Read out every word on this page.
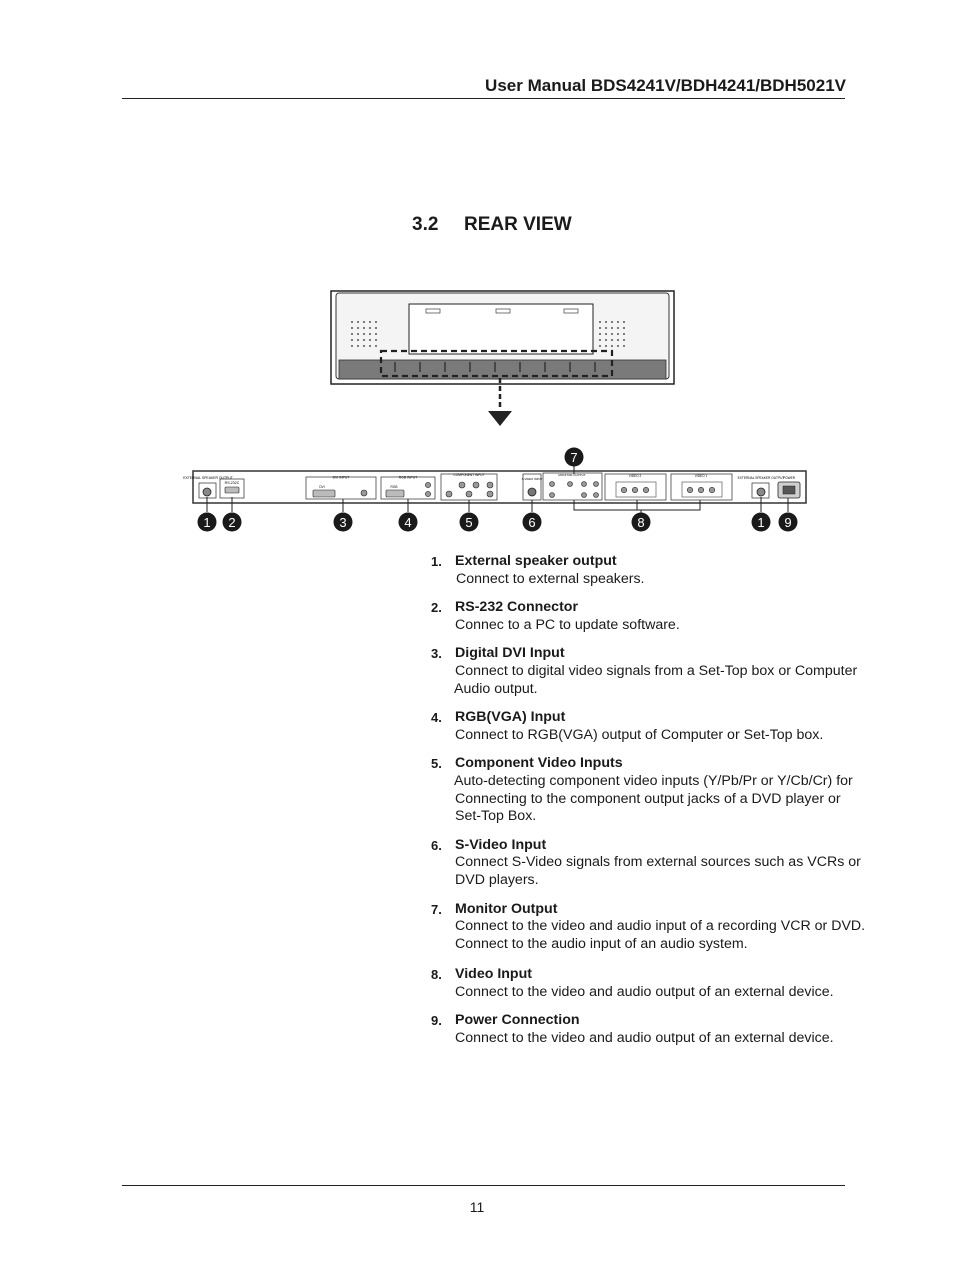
User Manual BDS4241V/BDH4241/BDH5021V
3.2 REAR VIEW
EXTERNAL SPEAKER OUTPUT
RS-232C
DVI INPUT
DVI
RGB INPUT
RGB
COMPONENT INPUT
S-VIDEO INPUT
MONITOR OUTPUT	VIDEO 2	VIDEO 1	EXTERNAL SPEAKER OUTPUT
POWER
1 2	3	4	5	6
7
8	1 9
1. External speaker output
Connect to external speakers.
2. RS-232 Connector
Connec to a PC to update software.
3. Digital DVI Input
Connect to digital video signals from a Set-Top box or Computer
Audio output.
4. RGB(VGA) Input
Connect to RGB(VGA) output of Computer or Set-Top box.
5. Component Video Inputs
Auto-detecting component video inputs (Y/Pb/Pr or Y/Cb/Cr) for
Connecting to the component output jacks of a DVD player or
Set-Top Box.
6. S-Video Input
Connect S-Video signals from external sources such as VCRs or
DVD players.
7. Monitor Output
Connect to the video and audio input of a recording VCR or DVD.
Connect to the audio input of an audio system.
8. Video Input
Connect to the video and audio output of an external device.
9. Power Connection
Connect to the video and audio output of an external device.
11
